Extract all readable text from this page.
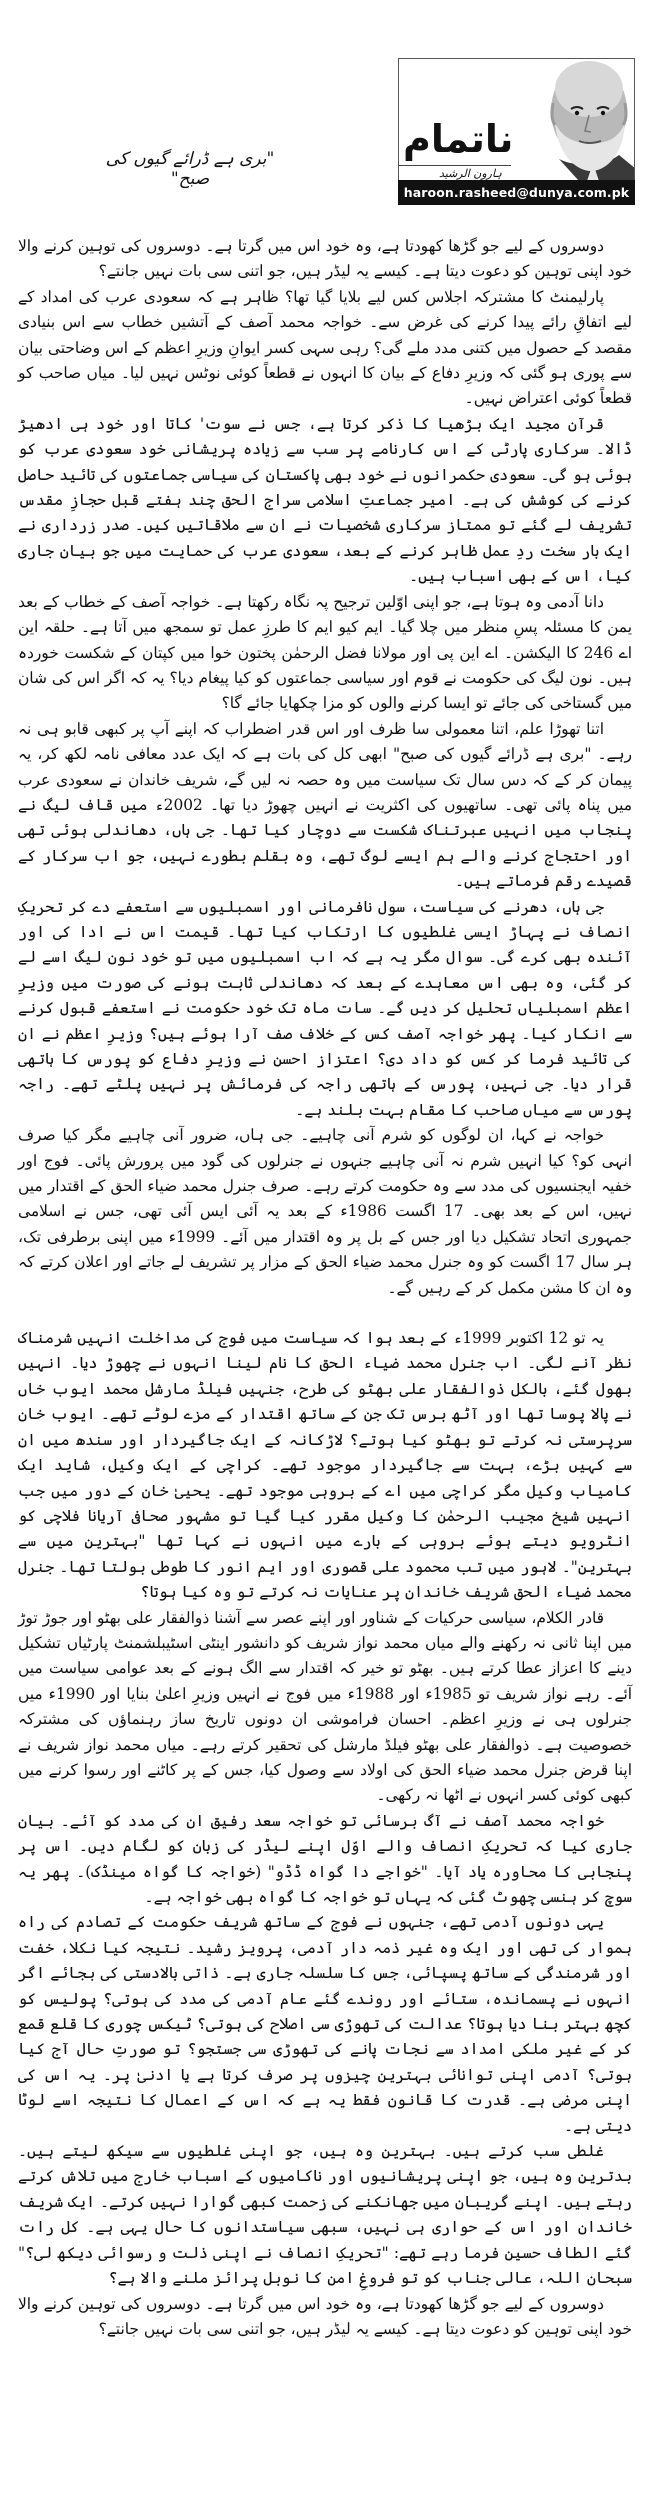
"بری ہے ڈرائے گیوں کی صبح"
ناتمام
ہارون الرشید
haroon.rasheed@dunya.com.pk

دوسروں کے لیے جو گڑھا کھودتا ہے، وہ خود اس میں گرتا ہے۔ دوسروں کی توہین کرنے والا خود اپنی توہین کو دعوت دیتا ہے۔ کیسے یہ لیڈر ہیں، جو اتنی سی بات نہیں جانتے؟

پارلیمنٹ کا مشترکہ اجلاس کس لیے بلایا گیا تھا؟ ظاہر ہے کہ سعودی عرب کی امداد کے لیے اتفاقِ رائے پیدا کرنے کی غرض سے۔ خواجہ محمد آصف کے آتشیں خطاب سے اس بنیادی مقصد کے حصول میں کتنی مدد ملے گی؟ رہی سہی کسر ایوانِ وزیرِ اعظم کے اس وضاحتی بیان سے پوری ہو گئی کہ وزیرِ دفاع کے بیان کا انہوں نے قطعاً کوئی نوٹس نہیں لیا۔ میاں صاحب کو قطعاً کوئی اعتراض نہیں۔

قرآنِ مجید ایک بڑھیا کا ذکر کرتا ہے، جس نے سوت' کاتا اور خود ہی ادھیڑ ڈالا۔ سرکاری پارٹی کے اس کارنامے پر سب سے زیادہ پریشانی خود سعودی عرب کو ہوئی ہو گی۔ سعودی حکمرانوں نے خود بھی پاکستان کی سیاسی جماعتوں کی تائید حاصل کرنے کی کوشش کی ہے۔ امیر جماعتِ اسلامی سراج الحق چند ہفتے قبل حجازِ مقدس تشریف لے گئے تو ممتاز سرکاری شخصیات نے ان سے ملاقاتیں کیں۔ صدر زرداری نے ایک بار سخت ردِ عمل ظاہر کرنے کے بعد، سعودی عرب کی حمایت میں جو بیان جاری کیا، اس کے بھی اسباب ہیں۔

دانا آدمی وہ ہوتا ہے، جو اپنی اوّلین ترجیح پہ نگاہ رکھتا ہے۔ خواجہ آصف کے خطاب کے بعد یمن کا مسئلہ پسِ منظر میں چلا گیا۔ ایم کیو ایم کا طرزِ عمل تو سمجھ میں آتا ہے۔ حلقہ این اے 246 کا الیکشن۔ اے این پی اور مولانا فضل الرحمٰن پختون خوا میں کپتان کے شکست خوردہ ہیں۔ نون لیگ کی حکومت نے قوم اور سیاسی جماعتوں کو کیا پیغام دیا؟ یہ کہ اگر اس کی شان میں گستاخی کی جائے تو ایسا کرنے والوں کو مزا چکھایا جائے گا؟

اتنا تھوڑا علم، اتنا معمولی سا ظرف اور اس قدر اضطراب کہ اپنے آپ پر کبھی قابو ہی نہ رہے۔ "بری ہے ڈرائے گیوں کی صبح" ابھی کل کی بات ہے کہ ایک عدد معافی نامہ لکھ کر، یہ پیمان کر کے کہ دس سال تک سیاست میں وہ حصہ نہ لیں گے، شریف خاندان نے سعودی عرب میں پناہ پائی تھی۔ ساتھیوں کی اکثریت نے انہیں چھوڑ دیا تھا۔ 2002ء میں قاف لیگ نے پنجاب میں انہیں عبرتناک شکست سے دوچار کیا تھا۔ جی ہاں، دھاندلی ہوئی تھی اور احتجاج کرنے والے ہم ایسے لوگ تھے، وہ بقلم بطورے نہیں، جو اب سرکار کے قصیدے رقم فرماتے ہیں۔

جی ہاں، دھرنے کی سیاست، سول نافرمانی اور اسمبلیوں سے استعفے دے کر تحریکِ انصاف نے پہاڑ ایسی غلطیوں کا ارتکاب کیا تھا۔ قیمت اس نے ادا کی اور آئندہ بھی کرے گی۔ سوال مگر یہ ہے کہ اب اسمبلیوں میں تو خود نون لیگ اسے لے کر گئی، وہ بھی اس معاہدے کے بعد کہ دھاندلی ثابت ہونے کی صورت میں وزیرِ اعظم اسمبلیاں تحلیل کر دیں گے۔ سات ماہ تک خود حکومت نے استعفے قبول کرنے سے انکار کیا۔ پھر خواجہ آصف کس کے خلاف صف آرا ہوئے ہیں؟ وزیرِ اعظم نے ان کی تائید فرما کر کس کو داد دی؟ اعتزاز احسن نے وزیرِ دفاع کو پورس کا ہاتھی قرار دیا۔ جی نہیں، پورس کے ہاتھی راجہ کی فرمائش پر نہیں پلٹے تھے۔ راجہ پورس سے میاں صاحب کا مقام بہت بلند ہے۔

خواجہ نے کہا، ان لوگوں کو شرم آنی چاہیے۔ جی ہاں، ضرور آنی چاہیے مگر کیا صرف انہی کو؟ کیا انہیں شرم نہ آنی چاہیے جنہوں نے جنرلوں کی گود میں پرورش پائی۔ فوج اور خفیہ ایجنسیوں کی مدد سے وہ حکومت کرتے رہے۔ صرف جنرل محمد ضیاء الحق کے اقتدار میں نہیں، اس کے بعد بھی۔ 17 اگست 1986ء کے بعد یہ آئی ایس آئی تھی، جس نے اسلامی جمہوری اتحاد تشکیل دیا اور جس کے بل پر وہ اقتدار میں آئے۔ 1999ء میں اپنی برطرفی تک، ہر سال 17 اگست کو وہ جنرل محمد ضیاء الحق کے مزار پر تشریف لے جاتے اور اعلان کرتے کہ وہ ان کا مشن مکمل کر کے رہیں گے۔

یہ تو 12 اکتوبر 1999ء کے بعد ہوا کہ سیاست میں فوج کی مداخلت انہیں شرمناک نظر آنے لگی۔ اب جنرل محمد ضیاء الحق کا نام لینا انہوں نے چھوڑ دیا۔ انہیں بھول گئے، بالکل ذوالفقار علی بھٹو کی طرح، جنہیں فیلڈ مارشل محمد ایوب خاں نے پالا پوسا تھا اور آٹھ برس تک جن کے ساتھ اقتدار کے مزے لوٹے تھے۔ ایوب خان سرپرستی نہ کرتے تو بھٹو کیا ہوتے؟ لاڑکانہ کے ایک جاگیردار اور سندھ میں ان سے کہیں بڑے، بہت سے جاگیردار موجود تھے۔ کراچی کے ایک وکیل، شاید ایک کامیاب وکیل مگر کراچی میں اے کے بروہی موجود تھے۔ یحییٰ خان کے دور میں جب انہیں شیخ مجیب الرحمٰن کا وکیل مقرر کیا گیا تو مشہور صحافی آریانا فلاچی کو انٹرویو دیتے ہوئے بروہی کے بارے میں انہوں نے کہا تھا "بہترین میں سے بہترین"۔ لاہور میں تب محمود علی قصوری اور ایم انور کا طوطی بولتا تھا۔ جنرل محمد ضیاء الحق شریف خاندان پر عنایات نہ کرتے تو وہ کیا ہوتا؟

قادر الکلام، سیاسی حرکیات کے شناور اور اپنے عصر سے آشنا ذوالفقار علی بھٹو اور جوڑ توڑ میں اپنا ثانی نہ رکھنے والے میاں محمد نواز شریف کو دانشور اینٹی اسٹیبلشمنٹ پارٹیاں تشکیل دینے کا اعزاز عطا کرتے ہیں۔ بھٹو تو خیر کہ اقتدار سے الگ ہونے کے بعد عوامی سیاست میں آئے۔ رہے نواز شریف تو 1985ء اور 1988ء میں فوج نے انہیں وزیرِ اعلیٰ بنایا اور 1990ء میں جنرلوں ہی نے وزیرِ اعظم۔ احسان فراموشی ان دونوں تاریخ ساز رہنماؤں کی مشترکہ خصوصیت ہے۔ ذوالفقار علی بھٹو فیلڈ مارشل کی تحقیر کرتے رہے۔ میاں محمد نواز شریف نے اپنا قرض جنرل محمد ضیاء الحق کی اولاد سے وصول کیا، جس کے پر کاٹنے اور رسوا کرنے میں کبھی کوئی کسر انہوں نے اٹھا نہ رکھی۔

خواجہ محمد آصف نے آگ برسائی تو خواجہ سعد رفیق ان کی مدد کو آئے۔ بیان جاری کیا کہ تحریکِ انصاف والے اوّل اپنے لیڈر کی زبان کو لگام دیں۔ اس پر پنجابی کا محاورہ یاد آیا۔ "خواجے دا گواہ ڈڈو" (خواجہ کا گواہ مینڈک)۔ پھر یہ سوچ کر ہنسی چھوٹ گئی کہ یہاں تو خواجہ کا گواہ بھی خواجہ ہے۔

یہی دونوں آدمی تھے، جنہوں نے فوج کے ساتھ شریف حکومت کے تصادم کی راہ ہموار کی تھی اور ایک وہ غیر ذمہ دار آدمی، پرویز رشید۔ نتیجہ کیا نکلا، خفت اور شرمندگی کے ساتھ پسپائی، جس کا سلسلہ جاری ہے۔ ذاتی بالادستی کی بجائے اگر انہوں نے پسماندہ، ستائے اور روندے گئے عام آدمی کی مدد کی ہوتی؟ پولیس کو کچھ بہتر بنا دیا ہوتا؟ عدالت کی تھوڑی سی اصلاح کی ہوتی؟ ٹیکس چوری کا قلع قمع کر کے غیر ملکی امداد سے نجات پانے کی تھوڑی سی جستجو؟ تو صورتِ حال آج کیا ہوتی؟ آدمی اپنی توانائی بہترین چیزوں پر صرف کرتا ہے یا ادنیٰ پر۔ یہ اس کی اپنی مرضی ہے۔ قدرت کا قانون فقط یہ ہے کہ اس کے اعمال کا نتیجہ اسے لوٹا دیتی ہے۔

غلطی سب کرتے ہیں۔ بہترین وہ ہیں، جو اپنی غلطیوں سے سیکھ لیتے ہیں۔ بدترین وہ ہیں، جو اپنی پریشانیوں اور ناکامیوں کے اسباب خارج میں تلاش کرتے رہتے ہیں۔ اپنے گریبان میں جھانکنے کی زحمت کبھی گوارا نہیں کرتے۔ ایک شریف خاندان اور اس کے حواری ہی نہیں، سبھی سیاستدانوں کا حال یہی ہے۔ کل رات گئے الطاف حسین فرما رہے تھے: "تحریکِ انصاف نے اپنی ذلت و رسوائی دیکھ لی؟" سبحان اللہ، عالی جناب کو تو فروغِ امن کا نوبل پرائز ملنے والا ہے؟

دوسروں کے لیے جو گڑھا کھودتا ہے، وہ خود اس میں گرتا ہے۔ دوسروں کی توہین کرنے والا خود اپنی توہین کو دعوت دیتا ہے۔ کیسے یہ لیڈر ہیں، جو اتنی سی بات نہیں جانتے؟
